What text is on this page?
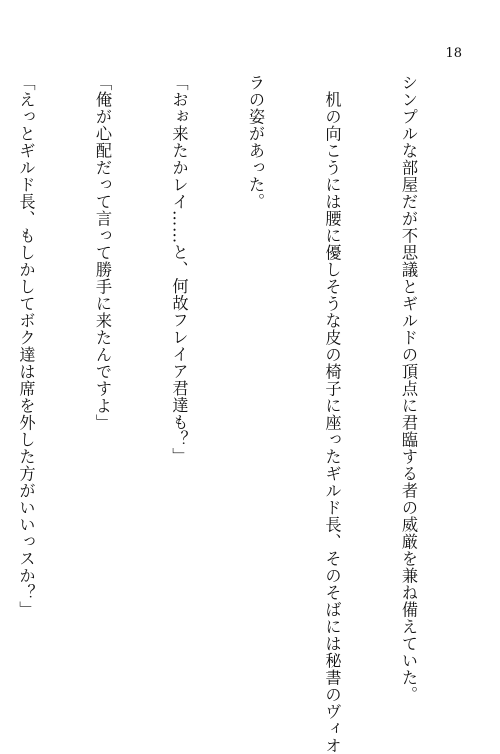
18

シンプルな部屋だが不思議とギルドの頂点に君臨する者の威厳を兼ね備えていた。

　机の向こうには腰に優しそうな皮の椅子に座ったギルド長、そのそばには秘書のヴィオ

ラの姿があった。

「おぉ来たかレイ……と、何故フレイア君達も？」

「俺が心配だって言って勝手に来たんですよ」

「えっとギルド長、もしかしてボク達は席を外した方がいいっスか？」
